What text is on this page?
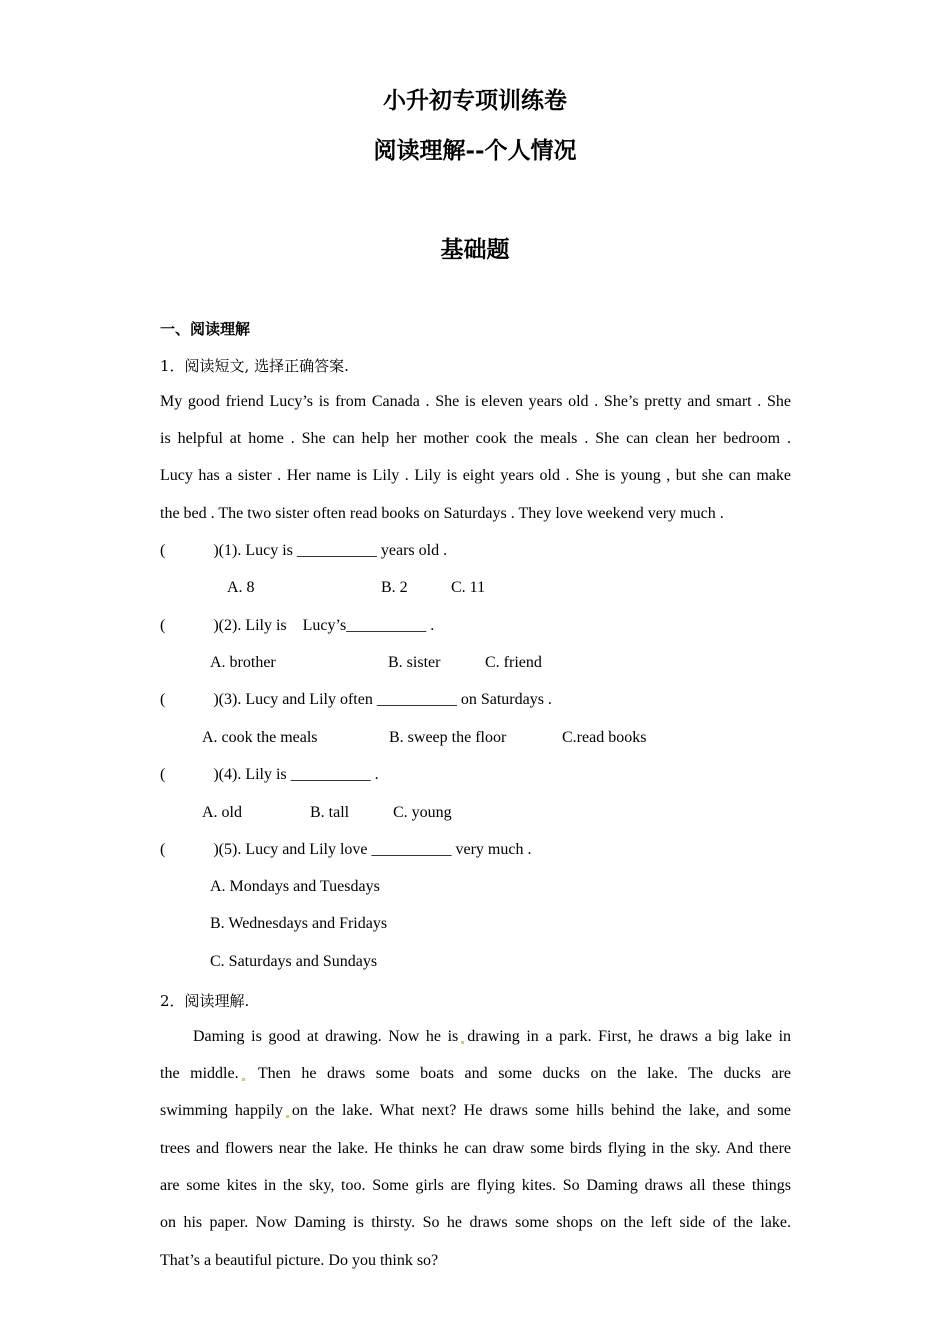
小升初专项训练卷
阅读理解--个人情况
基础题
一、阅读理解
1．阅读短文, 选择正确答案.
My good friend Lucy’s is from Canada . She is eleven years old . She’s pretty and smart . She
is helpful at home . She can help her mother cook the meals . She can clean her bedroom .
Lucy has a sister . Her name is Lily . Lily is eight years old . She is young , but she can make
the bed . The two sister often read books on Saturdays . They love weekend very much .
(            )(1). Lucy is __________ years old .
A. 8	B. 2	C. 11
(            )(2). Lily is    Lucy’s__________ .
A. brother	B. sister	C. friend
(            )(3). Lucy and Lily often __________ on Saturdays .
A. cook the meals	B. sweep the floor	C.read books
(            )(4). Lily is __________ .
A. old	B. tall	C. young
(            )(5). Lucy and Lily love __________ very much .
A. Mondays and Tuesdays
B. Wednesdays and Fridays
C. Saturdays and Sundays
2．阅读理解.
Daming is good at drawing. Now he is drawing in a park. First, he draws a big lake in
the middle. Then he draws some boats and some ducks on the lake. The ducks are
swimming happily on the lake. What next? He draws some hills behind the lake, and some
trees and flowers near the lake. He thinks he can draw some birds flying in the sky. And there
are some kites in the sky, too. Some girls are flying kites. So Daming draws all these things
on his paper. Now Daming is thirsty. So he draws some shops on the left side of the lake.
That’s a beautiful picture. Do you think so?
